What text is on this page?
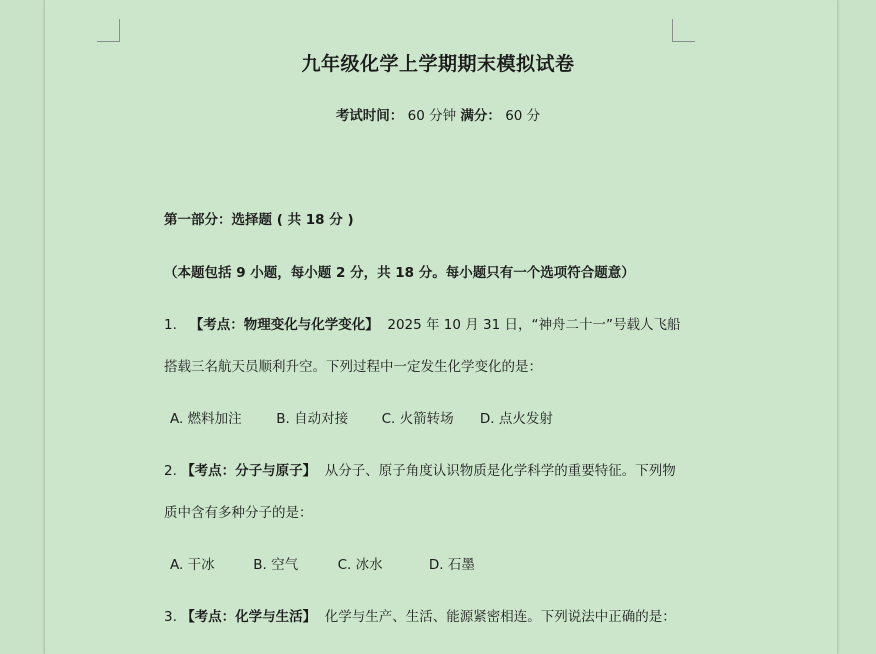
九年级化学上学期期末模拟试卷
考试时间： 60 分钟 满分： 60 分
第一部分：选择题 ( 共 18 分 )
（本题包括 9 小题，每小题 2 分，共 18 分。每小题只有一个选项符合题意）
1. 【考点：物理变化与化学变化】 2025 年 10 月 31 日，“神舟二十一”号载人飞船
搭载三名航天员顺利升空。下列过程中一定发生化学变化的是：
A. 燃料加注	B. 自动对接 C. 火箭转场 D. 点火发射
2. 【考点：分子与原子】 从分子、原子角度认识物质是化学科学的重要特征。下列物
质中含有多种分子的是：
A. 干冰	B. 空气	C. 冰水	D. 石墨
3. 【考点：化学与生活】 化学与生产、生活、能源紧密相连。下列说法中正确的是：
